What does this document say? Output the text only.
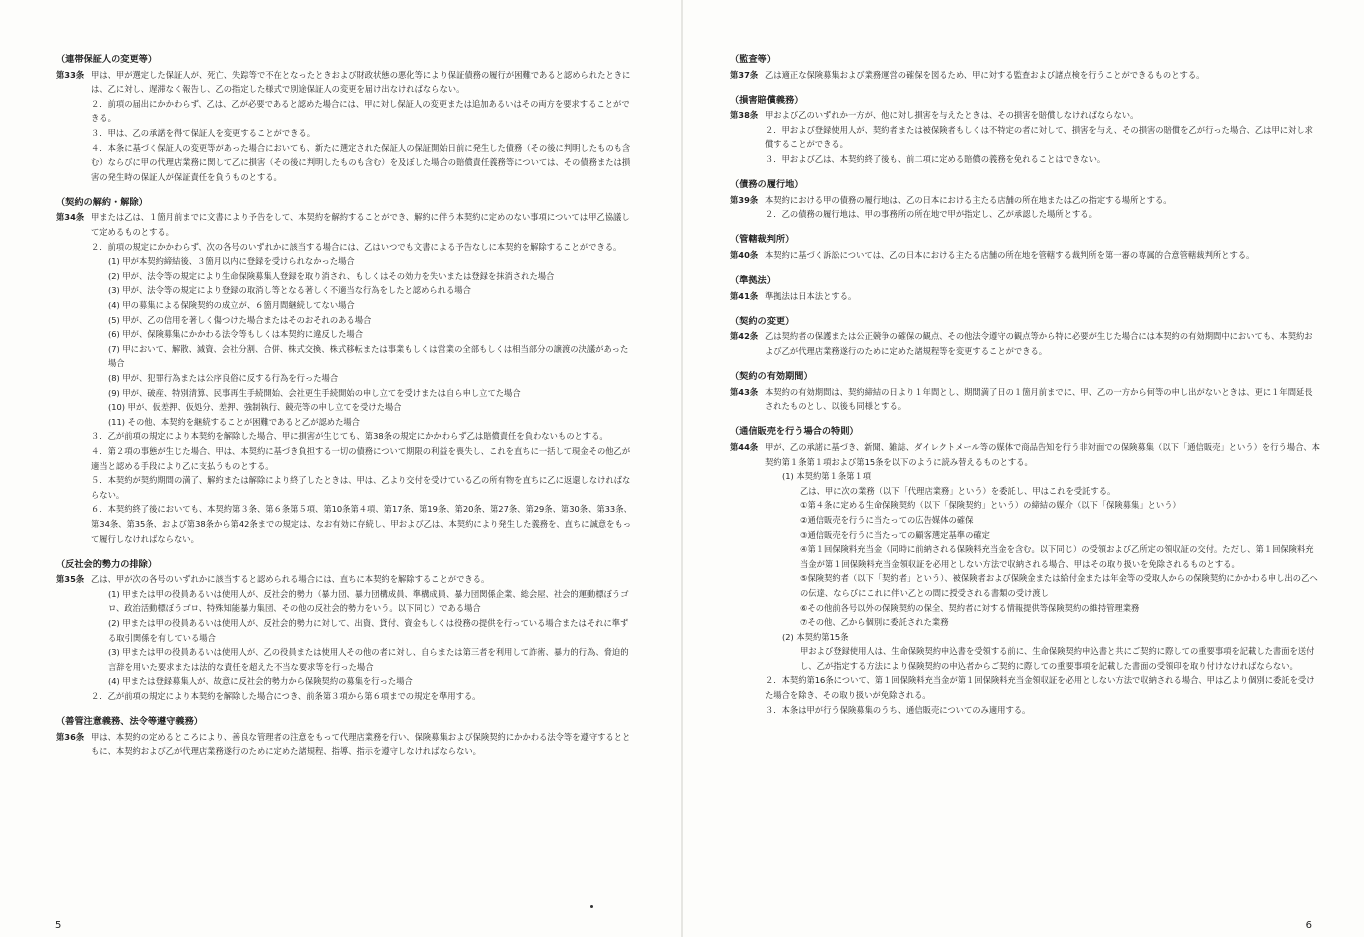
（連帯保証人の変更等）
第33条 甲は、甲が選定した保証人が、死亡、失踪等で不在となったときおよび財政状態の悪化等により保証債務の履行が困難であると認められたときには、乙に対し、遅滞なく報告し、乙の指定した様式で別途保証人の変更を届け出なければならない。
２．前項の届出にかかわらず、乙は、乙が必要であると認めた場合には、甲に対し保証人の変更または追加あるいはその両方を要求することができる。
３．甲は、乙の承諾を得て保証人を変更することができる。
４．本条に基づく保証人の変更等があった場合においても、新たに選定された保証人の保証開始日前に発生した債務（その後に判明したものも含む）ならびに甲の代理店業務に関して乙に損害（その後に判明したものも含む）を及ぼした場合の賠償責任義務等については、その債務または損害の発生時の保証人が保証責任を負うものとする。
（契約の解約・解除）
第34条 甲または乙は、１箇月前までに文書により予告をして、本契約を解約することができ、解約に伴う本契約に定めのない事項については甲乙協議して定めるものとする。
２．前項の規定にかかわらず、次の各号のいずれかに該当する場合には、乙はいつでも文書による予告なしに本契約を解除することができる。
(1) 甲が本契約締結後、３箇月以内に登録を受けられなかった場合
(2) 甲が、法令等の規定により生命保険募集人登録を取り消され、もしくはその効力を失いまたは登録を抹消された場合
(3) 甲が、法令等の規定により登録の取消し等となる著しく不適当な行為をしたと認められる場合
(4) 甲の募集による保険契約の成立が、６箇月間継続してない場合
(5) 甲が、乙の信用を著しく傷つけた場合またはそのおそれのある場合
(6) 甲が、保険募集にかかわる法令等もしくは本契約に違反した場合
(7) 甲において、解散、減資、会社分割、合併、株式交換、株式移転または事業もしくは営業の全部もしくは相当部分の譲渡の決議があった場合
(8) 甲が、犯罪行為または公序良俗に反する行為を行った場合
(9) 甲が、破産、特別清算、民事再生手続開始、会社更生手続開始の申し立てを受けまたは自ら申し立てた場合
(10) 甲が、仮差押、仮処分、差押、強制執行、競売等の申し立てを受けた場合
(11) その他、本契約を継続することが困難であると乙が認めた場合
３．乙が前項の規定により本契約を解除した場合、甲に損害が生じても、第38条の規定にかかわらず乙は賠償責任を負わないものとする。
４．第２項の事態が生じた場合、甲は、本契約に基づき負担する一切の債務について期限の利益を喪失し、これを直ちに一括して現金その他乙が適当と認める手段により乙に支払うものとする。
５．本契約が契約期間の満了、解約または解除により終了したときは、甲は、乙より交付を受けている乙の所有物を直ちに乙に返還しなければならない。
６．本契約終了後においても、本契約第３条、第６条第５項、第10条第４項、第17条、第19条、第20条、第27条、第29条、第30条、第33条、第34条、第35条、および第38条から第42条までの規定は、なお有効に存続し、甲および乙は、本契約により発生した義務を、直ちに誠意をもって履行しなければならない。
（反社会的勢力の排除）
第35条 乙は、甲が次の各号のいずれかに該当すると認められる場合には、直ちに本契約を解除することができる。
(1) 甲または甲の役員あるいは使用人が、反社会的勢力（暴力団、暴力団構成員、準構成員、暴力団関係企業、総会屋、社会的運動標ぼうゴロ、政治活動標ぼうゴロ、特殊知能暴力集団、その他の反社会的勢力をいう。以下同じ）である場合
(2) 甲または甲の役員あるいは使用人が、反社会的勢力に対して、出資、貸付、資金もしくは役務の提供を行っている場合またはそれに準ずる取引関係を有している場合
(3) 甲または甲の役員あるいは使用人が、乙の役員または使用人その他の者に対し、自らまたは第三者を利用して詐術、暴力的行為、脅迫的言辞を用いた要求または法的な責任を超えた不当な要求等を行った場合
(4) 甲または登録募集人が、故意に反社会的勢力から保険契約の募集を行った場合
２．乙が前項の規定により本契約を解除した場合につき、前条第３項から第６項までの規定を準用する。
（善管注意義務、法令等遵守義務）
第36条 甲は、本契約の定めるところにより、善良な管理者の注意をもって代理店業務を行い、保険募集および保険契約にかかわる法令等を遵守するとともに、本契約および乙が代理店業務遂行のために定めた諸規程、指導、指示を遵守しなければならない。
5
（監査等）
第37条 乙は適正な保険募集および業務運営の確保を図るため、甲に対する監査および諸点検を行うことができるものとする。
（損害賠償義務）
第38条 甲および乙のいずれか一方が、他に対し損害を与えたときは、その損害を賠償しなければならない。
２．甲および登録使用人が、契約者または被保険者もしくは不特定の者に対して、損害を与え、その損害の賠償を乙が行った場合、乙は甲に対し求償することができる。
３．甲および乙は、本契約終了後も、前二項に定める賠償の義務を免れることはできない。
（債務の履行地）
第39条 本契約における甲の債務の履行地は、乙の日本における主たる店舗の所在地または乙の指定する場所とする。
２．乙の債務の履行地は、甲の事務所の所在地で甲が指定し、乙が承認した場所とする。
（管轄裁判所）
第40条 本契約に基づく訴訟については、乙の日本における主たる店舗の所在地を管轄する裁判所を第一審の専属的合意管轄裁判所とする。
（準拠法）
第41条 準拠法は日本法とする。
（契約の変更）
第42条 乙は契約者の保護または公正競争の確保の観点、その他法令遵守の観点等から特に必要が生じた場合には本契約の有効期間中においても、本契約および乙が代理店業務遂行のために定めた諸規程等を変更することができる。
（契約の有効期間）
第43条 本契約の有効期間は、契約締結の日より１年間とし、期間満了日の１箇月前までに、甲、乙の一方から何等の申し出がないときは、更に１年間延長されたものとし、以後も同様とする。
（通信販売を行う場合の特則）
第44条 甲が、乙の承諾に基づき、新聞、雑誌、ダイレクトメール等の媒体で商品告知を行う非対面での保険募集（以下「通信販売」という）を行う場合、本契約第１条第１項および第15条を以下のように読み替えるものとする。
(1) 本契約第１条第１項
乙は、甲に次の業務（以下「代理店業務」という）を委託し、甲はこれを受託する。
①第４条に定める生命保険契約（以下「保険契約」という）の締結の媒介（以下「保険募集」という）
②通信販売を行うに当たっての広告媒体の確保
③通信販売を行うに当たっての顧客選定基準の確定
④第１回保険料充当金（同時に前納される保険料充当金を含む。以下同じ）の受領および乙所定の領収証の交付。ただし、第１回保険料充当金が第１回保険料充当金領収証を必用としない方法で収納される場合、甲はその取り扱いを免除されるものとする。
⑤保険契約者（以下「契約者」という）、被保険者および保険金または給付金または年金等の受取人からの保険契約にかかわる申し出の乙への伝達、ならびにこれに伴い乙との間に授受される書類の受け渡し
⑥その他前各号以外の保険契約の保全、契約者に対する情報提供等保険契約の維持管理業務
⑦その他、乙から個別に委託された業務
(2) 本契約第15条
甲および登録使用人は、生命保険契約申込書を受領する前に、生命保険契約申込書と共にご契約に際しての重要事項を記載した書面を送付し、乙が指定する方法により保険契約の申込者からご契約に際しての重要事項を記載した書面の受領印を取り付けなければならない。
２．本契約第16条について、第１回保険料充当金が第１回保険料充当金領収証を必用としない方法で収納される場合、甲は乙より個別に委託を受けた場合を除き、その取り扱いが免除される。
３．本条は甲が行う保険募集のうち、通信販売についてのみ適用する。
6
